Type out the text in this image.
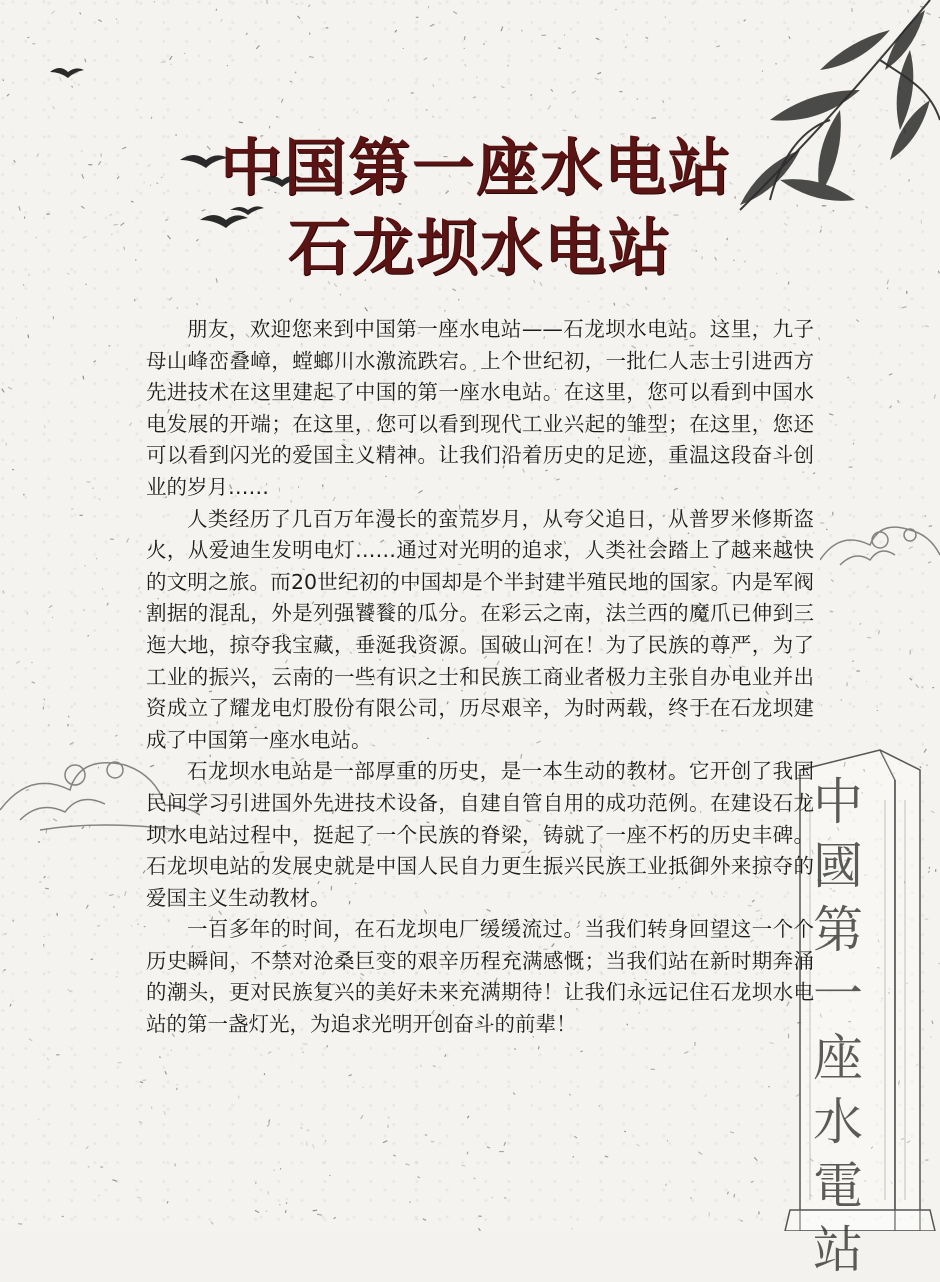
中
國
第
一
座
水
電
站
中国第一座水电站
石龙坝水电站

朋友，欢迎您来到中国第一座水电站——石龙坝水电站。这里，九子母山峰峦叠嶂，螳螂川水激流跌宕。上个世纪初，一批仁人志士引进西方先进技术在这里建起了中国的第一座水电站。在这里，您可以看到中国水电发展的开端；在这里，您可以看到现代工业兴起的雏型；在这里，您还可以看到闪光的爱国主义精神。让我们沿着历史的足迹，重温这段奋斗创业的岁月……

人类经历了几百万年漫长的蛮荒岁月，从夸父追日，从普罗米修斯盗火，从爱迪生发明电灯……通过对光明的追求，人类社会踏上了越来越快的文明之旅。而20世纪初的中国却是个半封建半殖民地的国家。内是军阀割据的混乱，外是列强饕餮的瓜分。在彩云之南，法兰西的魔爪已伸到三迤大地，掠夺我宝藏，垂涎我资源。国破山河在！为了民族的尊严，为了工业的振兴，云南的一些有识之士和民族工商业者极力主张自办电业并出资成立了耀龙电灯股份有限公司，历尽艰辛，为时两载，终于在石龙坝建成了中国第一座水电站。

石龙坝水电站是一部厚重的历史，是一本生动的教材。它开创了我国民间学习引进国外先进技术设备，自建自管自用的成功范例。在建设石龙坝水电站过程中，挺起了一个民族的脊梁，铸就了一座不朽的历史丰碑。石龙坝电站的发展史就是中国人民自力更生振兴民族工业抵御外来掠夺的爱国主义生动教材。

一百多年的时间，在石龙坝电厂缓缓流过。当我们转身回望这一个个历史瞬间，不禁对沧桑巨变的艰辛历程充满感慨；当我们站在新时期奔涌的潮头，更对民族复兴的美好未来充满期待！让我们永远记住石龙坝水电站的第一盏灯光，为追求光明开创奋斗的前辈！
